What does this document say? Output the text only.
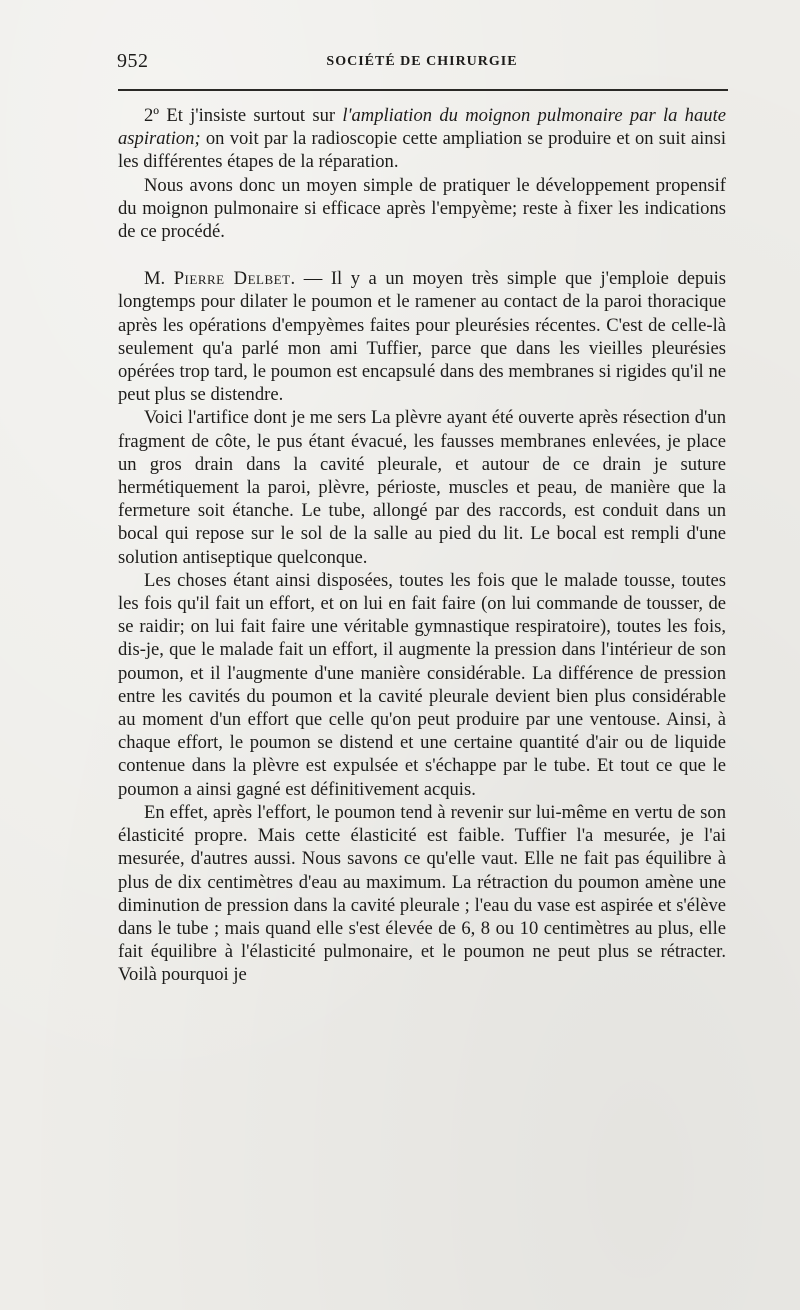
952	SOCIÉTÉ DE CHIRURGIE

2º Et j'insiste surtout sur l'ampliation du moignon pulmonaire par la haute aspiration; on voit par la radioscopie cette ampliation se produire et on suit ainsi les différentes étapes de la réparation.

Nous avons donc un moyen simple de pratiquer le développement propensif du moignon pulmonaire si efficace après l'empyème; reste à fixer les indications de ce procédé.

M. Pierre Delbet. — Il y a un moyen très simple que j'emploie depuis longtemps pour dilater le poumon et le ramener au contact de la paroi thoracique après les opérations d'empyèmes faites pour pleurésies récentes. C'est de celle-là seulement qu'a parlé mon ami Tuffier, parce que dans les vieilles pleurésies opérées trop tard, le poumon est encapsulé dans des membranes si rigides qu'il ne peut plus se distendre.

Voici l'artifice dont je me sers La plèvre ayant été ouverte après résection d'un fragment de côte, le pus étant évacué, les fausses membranes enlevées, je place un gros drain dans la cavité pleurale, et autour de ce drain je suture hermétiquement la paroi, plèvre, périoste, muscles et peau, de manière que la fermeture soit étanche. Le tube, allongé par des raccords, est conduit dans un bocal qui repose sur le sol de la salle au pied du lit. Le bocal est rempli d'une solution antiseptique quelconque.

Les choses étant ainsi disposées, toutes les fois que le malade tousse, toutes les fois qu'il fait un effort, et on lui en fait faire (on lui commande de tousser, de se raidir; on lui fait faire une véritable gymnastique respiratoire), toutes les fois, dis-je, que le malade fait un effort, il augmente la pression dans l'intérieur de son poumon, et il l'augmente d'une manière considérable. La différence de pression entre les cavités du poumon et la cavité pleurale devient bien plus considérable au moment d'un effort que celle qu'on peut produire par une ventouse. Ainsi, à chaque effort, le poumon se distend et une certaine quantité d'air ou de liquide contenue dans la plèvre est expulsée et s'échappe par le tube. Et tout ce que le poumon a ainsi gagné est définitivement acquis.

En effet, après l'effort, le poumon tend à revenir sur lui-même en vertu de son élasticité propre. Mais cette élasticité est faible. Tuffier l'a mesurée, je l'ai mesurée, d'autres aussi. Nous savons ce qu'elle vaut. Elle ne fait pas équilibre à plus de dix centimètres d'eau au maximum. La rétraction du poumon amène une diminution de pression dans la cavité pleurale ; l'eau du vase est aspirée et s'élève dans le tube ; mais quand elle s'est élevée de 6, 8 ou 10 centimètres au plus, elle fait équilibre à l'élasticité pulmonaire, et le poumon ne peut plus se rétracter. Voilà pourquoi je
